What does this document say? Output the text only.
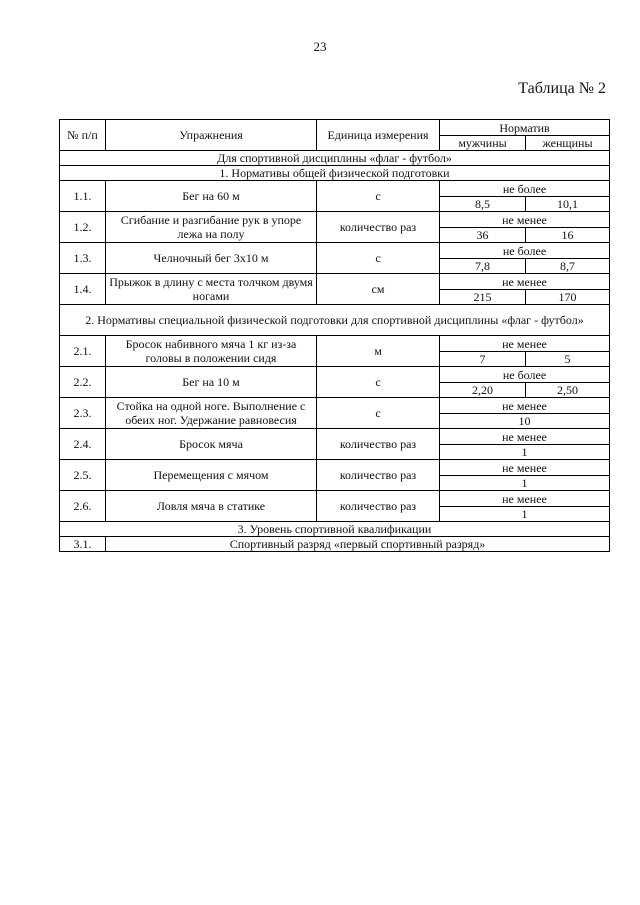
23
Таблица № 2
№ п/п	Упражнения	Единица измерения	Норматив	
			мужчины	женщины
Для спортивной дисциплины «флаг - футбол»				
1. Нормативы общей физической подготовки				
1.1.	Бег на 60 м	с	не более	
			8,5	10,1
1.2.	Сгибание и разгибание рук в упоре лежа на полу	количество раз	не менее	
			36	16
1.3.	Челночный бег 3х10 м	с	не более	
			7,8	8,7
1.4.	Прыжок в длину с места толчком двумя ногами	см	не менее	
			215	170
2. Нормативы специальной физической подготовки для спортивной дисциплины «флаг - футбол»				
2.1.	Бросок набивного мяча 1 кг из-за головы в положении сидя	м	не менее	
			7	5
2.2.	Бег на 10 м	с	не более	
			2,20	2,50
2.3.	Стойка на одной ноге. Выполнение с обеих ног. Удержание равновесия	с	не менее	
			10	
2.4.	Бросок мяча	количество раз	не менее	
			1	
2.5.	Перемещения с мячом	количество раз	не менее	
			1	
2.6.	Ловля мяча в статике	количество раз	не менее	
			1	
3. Уровень спортивной квалификации				
3.1.	Спортивный разряд «первый спортивный разряд»			
